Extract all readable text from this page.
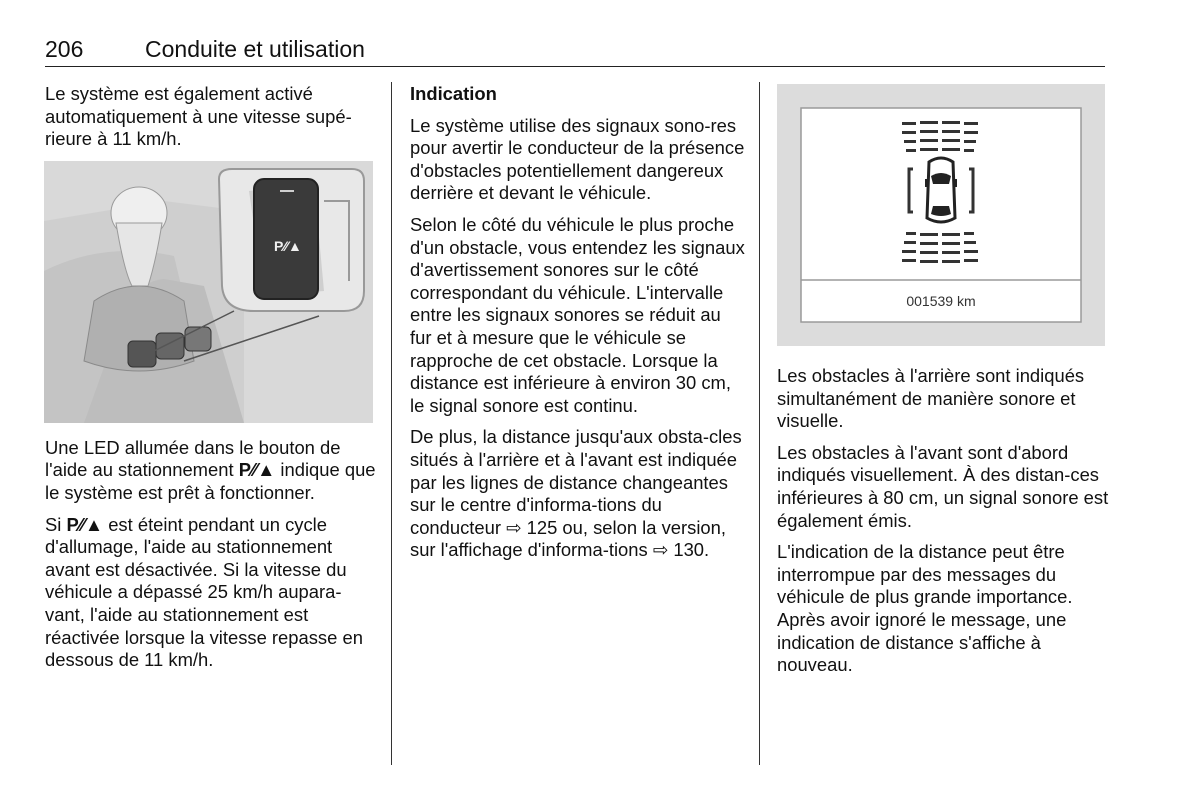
206	Conduite et utilisation

Le système est également activé automatiquement à une vitesse supé-rieure à 11 km/h.

P⁄⁄▲

Une LED allumée dans le bouton de l'aide au stationnement P⁄⁄▲ indique que le système est prêt à fonctionner.

Si P⁄⁄▲ est éteint pendant un cycle d'allumage, l'aide au stationnement avant est désactivée. Si la vitesse du véhicule a dépassé 25 km/h aupara-vant, l'aide au stationnement est réactivée lorsque la vitesse repasse en dessous de 11 km/h.

Indication

Le système utilise des signaux sono-res pour avertir le conducteur de la présence d'obstacles potentiellement dangereux derrière et devant le véhicule.

Selon le côté du véhicule le plus proche d'un obstacle, vous entendez les signaux d'avertissement sonores sur le côté correspondant du véhicule. L'intervalle entre les signaux sonores se réduit au fur et à mesure que le véhicule se rapproche de cet obstacle. Lorsque la distance est inférieure à environ 30 cm, le signal sonore est continu.

De plus, la distance jusqu'aux obsta-cles situés à l'arrière et à l'avant est indiquée par les lignes de distance changeantes sur le centre d'informa-tions du conducteur ⇨ 125 ou, selon la version, sur l'affichage d'informa-tions ⇨ 130.

001539 km

Les obstacles à l'arrière sont indiqués simultanément de manière sonore et visuelle.

Les obstacles à l'avant sont d'abord indiqués visuellement. À des distan-ces inférieures à 80 cm, un signal sonore est également émis.

L'indication de la distance peut être interrompue par des messages du véhicule de plus grande importance. Après avoir ignoré le message, une indication de distance s'affiche à nouveau.
